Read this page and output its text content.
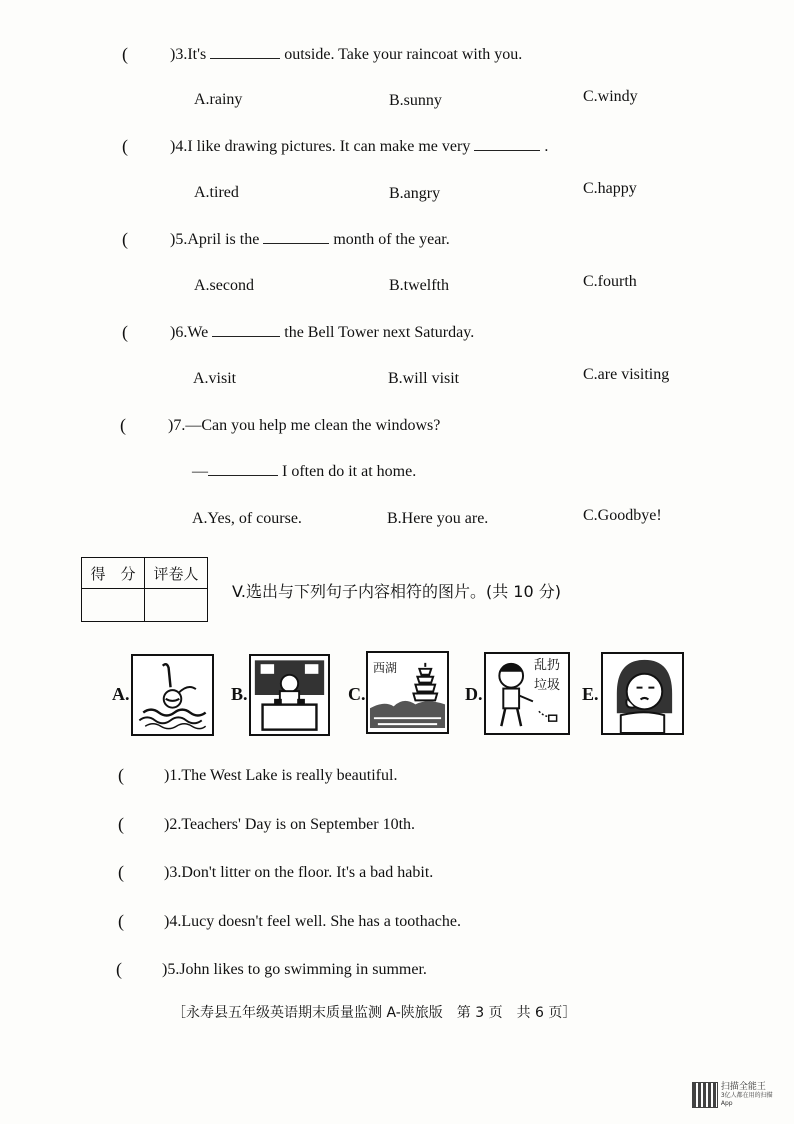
(	)3.It's	outside. Take your raincoat with you.
A.rainy	B.sunny	C.windy
(	)4.I like drawing pictures. It can make me very	.
A.tired	B.angry	C.happy
(	)5.April is the	month of the year.
A.second	B.twelfth	C.fourth
(	)6.We	the Bell Tower next Saturday.
A.visit	B.will visit	C.are visiting
(	)7.—Can you help me clean the windows?
—	I often do it at home.
A.Yes, of course.	B.Here you are.	C.Goodbye!
得　分	评卷人

V.选出与下列句子内容相符的图片。(共 10 分)
A.	B.	C.
西湖
D.
乱扔
垃圾 E.
(	)1.The West Lake is really beautiful.
(	)2.Teachers' Day is on September 10th.
(	)3.Don't litter on the floor. It's a bad habit.
(	)4.Lucy doesn't feel well. She has a toothache.
(	)5.John likes to go swimming in summer.
［永寿县五年级英语期末质量监测 A-陕旅版　第 3 页　共 6 页］
扫描全能王
3亿人都在用的扫描App
